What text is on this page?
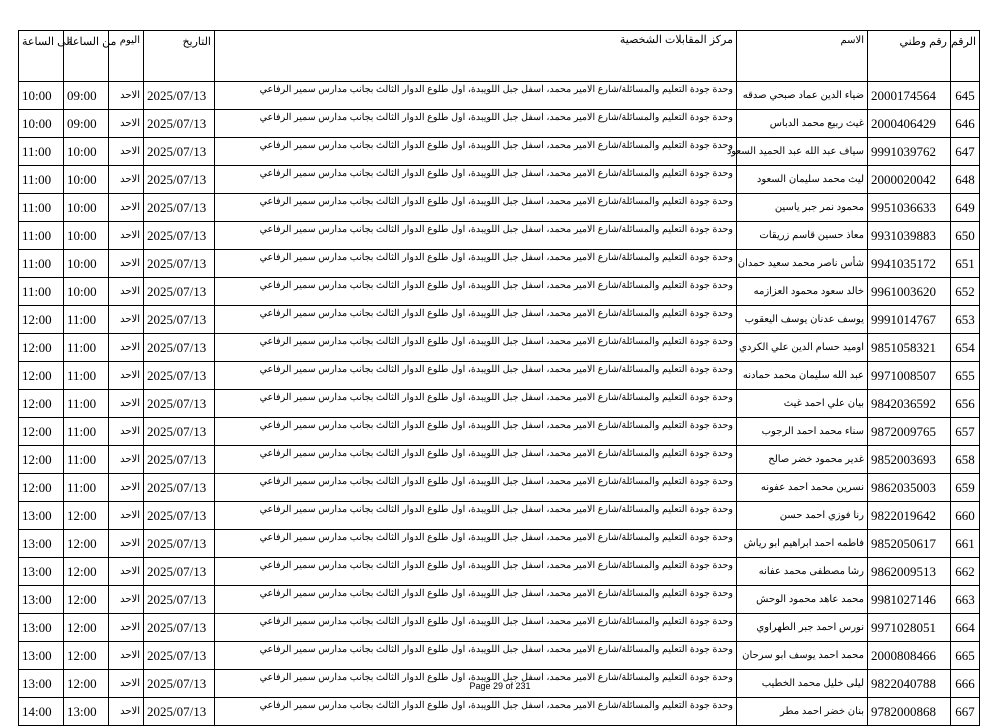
الرقم	رقم وطني	الاسم	مركز المقابلات الشخصية	التاريخ	اليوم	من الساعة	الى الساعة
645	2000174564	ضياء الدين عماد صبحي صدقه	وحدة جودة التعليم والمسائلة/شارع الامير محمد، اسفل جبل اللويبدة، اول طلوع الدوار الثالث بجانب مدارس سمير الرفاعي	2025/07/13	الاحد	09:00	10:00
646	2000406429	غيث ربيع محمد الدباس	وحدة جودة التعليم والمسائلة/شارع الامير محمد، اسفل جبل اللويبدة، اول طلوع الدوار الثالث بجانب مدارس سمير الرفاعي	2025/07/13	الاحد	09:00	10:00
647	9991039762	سياف عبد الله عبد الحميد السعود	وحدة جودة التعليم والمسائلة/شارع الامير محمد، اسفل جبل اللويبدة، اول طلوع الدوار الثالث بجانب مدارس سمير الرفاعي	2025/07/13	الاحد	10:00	11:00
648	2000020042	ليث محمد سليمان السعود	وحدة جودة التعليم والمسائلة/شارع الامير محمد، اسفل جبل اللويبدة، اول طلوع الدوار الثالث بجانب مدارس سمير الرفاعي	2025/07/13	الاحد	10:00	11:00
649	9951036633	محمود نمر جبر ياسين	وحدة جودة التعليم والمسائلة/شارع الامير محمد، اسفل جبل اللويبدة، اول طلوع الدوار الثالث بجانب مدارس سمير الرفاعي	2025/07/13	الاحد	10:00	11:00
650	9931039883	معاذ حسين قاسم زريقات	وحدة جودة التعليم والمسائلة/شارع الامير محمد، اسفل جبل اللويبدة، اول طلوع الدوار الثالث بجانب مدارس سمير الرفاعي	2025/07/13	الاحد	10:00	11:00
651	9941035172	شأس ناصر محمد سعيد حمدان	وحدة جودة التعليم والمسائلة/شارع الامير محمد، اسفل جبل اللويبدة، اول طلوع الدوار الثالث بجانب مدارس سمير الرفاعي	2025/07/13	الاحد	10:00	11:00
652	9961003620	خالد سعود محمود العزازمه	وحدة جودة التعليم والمسائلة/شارع الامير محمد، اسفل جبل اللويبدة، اول طلوع الدوار الثالث بجانب مدارس سمير الرفاعي	2025/07/13	الاحد	10:00	11:00
653	9991014767	يوسف عدنان يوسف اليعقوب	وحدة جودة التعليم والمسائلة/شارع الامير محمد، اسفل جبل اللويبدة، اول طلوع الدوار الثالث بجانب مدارس سمير الرفاعي	2025/07/13	الاحد	11:00	12:00
654	9851058321	اوميد حسام الدين علي الكردي	وحدة جودة التعليم والمسائلة/شارع الامير محمد، اسفل جبل اللويبدة، اول طلوع الدوار الثالث بجانب مدارس سمير الرفاعي	2025/07/13	الاحد	11:00	12:00
655	9971008507	عبد الله سليمان محمد حمادنه	وحدة جودة التعليم والمسائلة/شارع الامير محمد، اسفل جبل اللويبدة، اول طلوع الدوار الثالث بجانب مدارس سمير الرفاعي	2025/07/13	الاحد	11:00	12:00
656	9842036592	بيان علي احمد غيث	وحدة جودة التعليم والمسائلة/شارع الامير محمد، اسفل جبل اللويبدة، اول طلوع الدوار الثالث بجانب مدارس سمير الرفاعي	2025/07/13	الاحد	11:00	12:00
657	9872009765	سناء محمد احمد الرجوب	وحدة جودة التعليم والمسائلة/شارع الامير محمد، اسفل جبل اللويبدة، اول طلوع الدوار الثالث بجانب مدارس سمير الرفاعي	2025/07/13	الاحد	11:00	12:00
658	9852003693	غدير محمود خضر صالح	وحدة جودة التعليم والمسائلة/شارع الامير محمد، اسفل جبل اللويبدة، اول طلوع الدوار الثالث بجانب مدارس سمير الرفاعي	2025/07/13	الاحد	11:00	12:00
659	9862035003	نسرين محمد احمد عفونه	وحدة جودة التعليم والمسائلة/شارع الامير محمد، اسفل جبل اللويبدة، اول طلوع الدوار الثالث بجانب مدارس سمير الرفاعي	2025/07/13	الاحد	11:00	12:00
660	9822019642	رنا فوزي احمد حسن	وحدة جودة التعليم والمسائلة/شارع الامير محمد، اسفل جبل اللويبدة، اول طلوع الدوار الثالث بجانب مدارس سمير الرفاعي	2025/07/13	الاحد	12:00	13:00
661	9852050617	فاطمه احمد ابراهيم ابو رياش	وحدة جودة التعليم والمسائلة/شارع الامير محمد، اسفل جبل اللويبدة، اول طلوع الدوار الثالث بجانب مدارس سمير الرفاعي	2025/07/13	الاحد	12:00	13:00
662	9862009513	رشا مصطفى محمد عفانه	وحدة جودة التعليم والمسائلة/شارع الامير محمد، اسفل جبل اللويبدة، اول طلوع الدوار الثالث بجانب مدارس سمير الرفاعي	2025/07/13	الاحد	12:00	13:00
663	9981027146	محمد عاهد محمود الوحش	وحدة جودة التعليم والمسائلة/شارع الامير محمد، اسفل جبل اللويبدة، اول طلوع الدوار الثالث بجانب مدارس سمير الرفاعي	2025/07/13	الاحد	12:00	13:00
664	9971028051	نورس احمد جبر الطهراوي	وحدة جودة التعليم والمسائلة/شارع الامير محمد، اسفل جبل اللويبدة، اول طلوع الدوار الثالث بجانب مدارس سمير الرفاعي	2025/07/13	الاحد	12:00	13:00
665	2000808466	محمد احمد يوسف ابو سرحان	وحدة جودة التعليم والمسائلة/شارع الامير محمد، اسفل جبل اللويبدة، اول طلوع الدوار الثالث بجانب مدارس سمير الرفاعي	2025/07/13	الاحد	12:00	13:00
666	9822040788	ليلى خليل محمد الخطيب	وحدة جودة التعليم والمسائلة/شارع الامير محمد، اسفل جبل اللويبدة، اول طلوع الدوار الثالث بجانب مدارس سمير الرفاعي	2025/07/13	الاحد	12:00	13:00
667	9782000868	بنان خضر احمد مطر	وحدة جودة التعليم والمسائلة/شارع الامير محمد، اسفل جبل اللويبدة، اول طلوع الدوار الثالث بجانب مدارس سمير الرفاعي	2025/07/13	الاحد	13:00	14:00
Page 29 of 231
